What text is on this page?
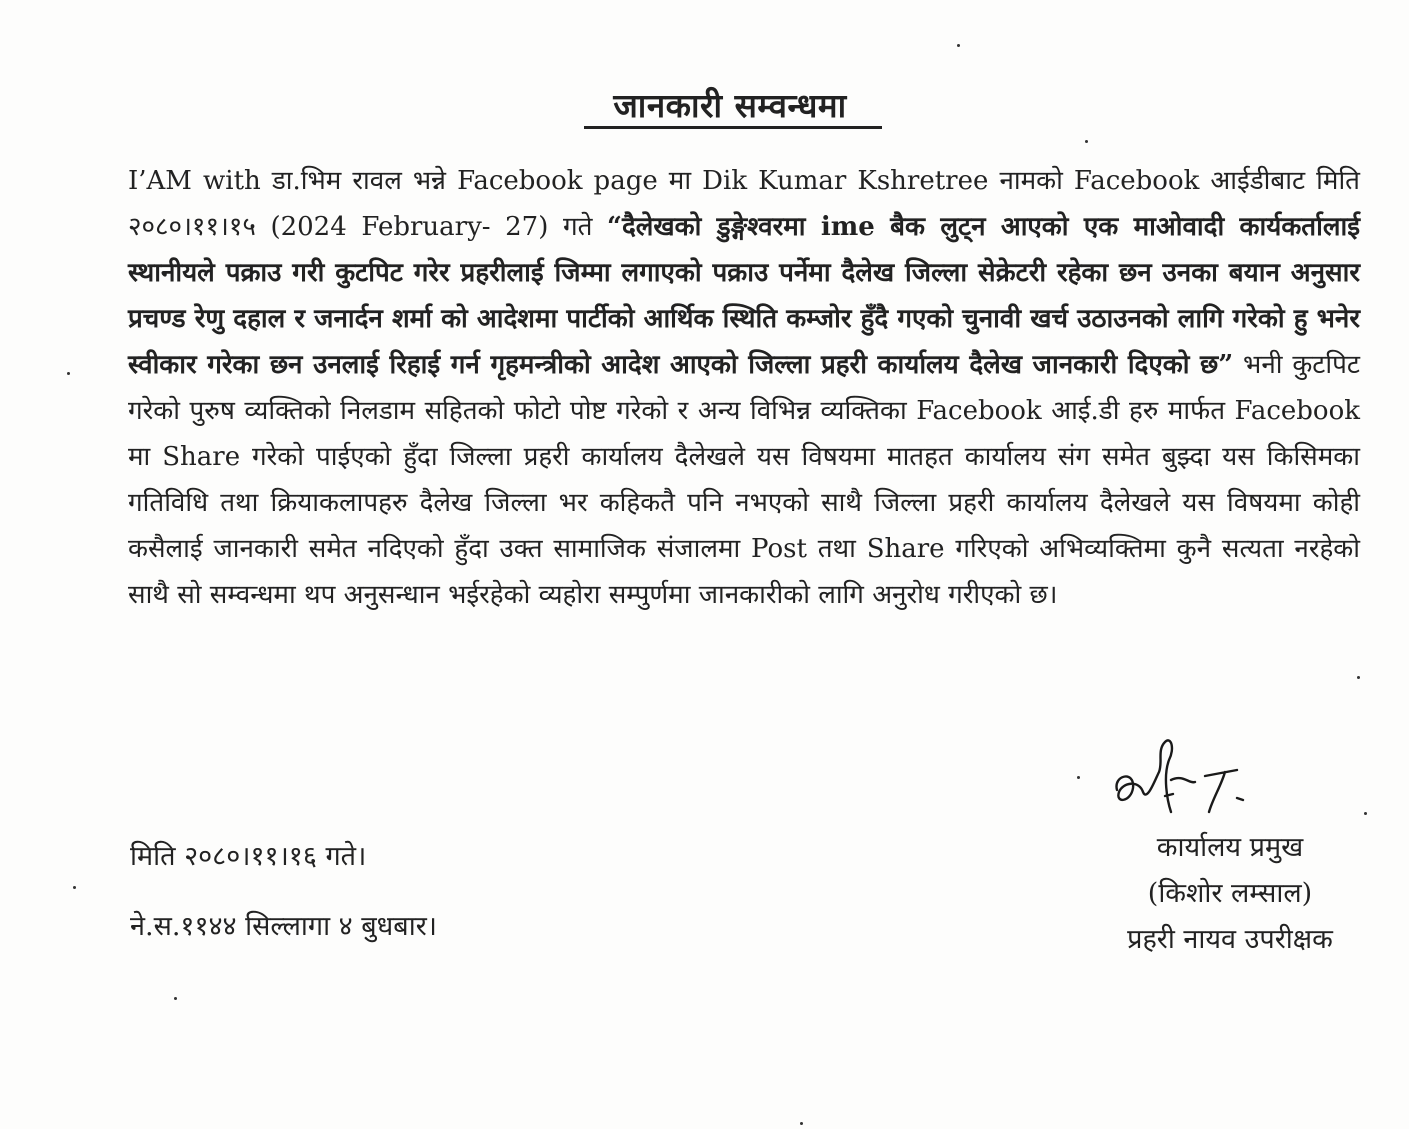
जानकारी सम्वन्धमा
I’AM with डा.भिम रावल भन्ने Facebook page मा Dik Kumar Kshretree नामको Facebook आईडीबाट मिति २०८०।११।१५ (2024 February- 27) गते “दैलेखको डुङ्गेश्वरमा ime बैक लुट्न आएको एक माओवादी कार्यकर्तालाई स्थानीयले पक्राउ गरी कुटपिट गरेर प्रहरीलाई जिम्मा लगाएको पक्राउ पर्नेमा दैलेख जिल्ला सेक्रेटरी रहेका छन उनका बयान अनुसार प्रचण्ड रेणु दहाल र जनार्दन शर्मा को आदेशमा पार्टीको आर्थिक स्थिति कम्जोर हुँदै गएको चुनावी खर्च उठाउनको लागि गरेको हु भनेर स्वीकार गरेका छन उनलाई रिहाई गर्न गृहमन्त्रीको आदेश आएको जिल्ला प्रहरी कार्यालय दैलेख जानकारी दिएको छ” भनी कुटपिट गरेको पुरुष व्यक्तिको निलडाम सहितको फोटो पोष्ट गरेको र अन्य विभिन्न व्यक्तिका Facebook आई.डी हरु मार्फत Facebook मा Share गरेको पाईएको हुँदा जिल्ला प्रहरी कार्यालय दैलेखले यस विषयमा मातहत कार्यालय संग समेत बुझ्दा यस किसिमका गतिविधि तथा क्रियाकलापहरु दैलेख जिल्ला भर कहिकतै पनि नभएको साथै जिल्ला प्रहरी कार्यालय दैलेखले यस विषयमा कोही कसैलाई जानकारी समेत नदिएको हुँदा उक्त सामाजिक संजालमा Post तथा Share गरिएको अभिव्यक्तिमा कुनै सत्यता नरहेको साथै सो सम्वन्धमा थप अनुसन्धान भईरहेको व्यहोरा सम्पुर्णमा जानकारीको लागि अनुरोध गरीएको छ।
मिति २०८०।११।१६ गते।
ने.स.११४४ सिल्लागा ४ बुधबार।
कार्यालय प्रमुख
(किशोर लम्साल)
प्रहरी नायव उपरीक्षक
